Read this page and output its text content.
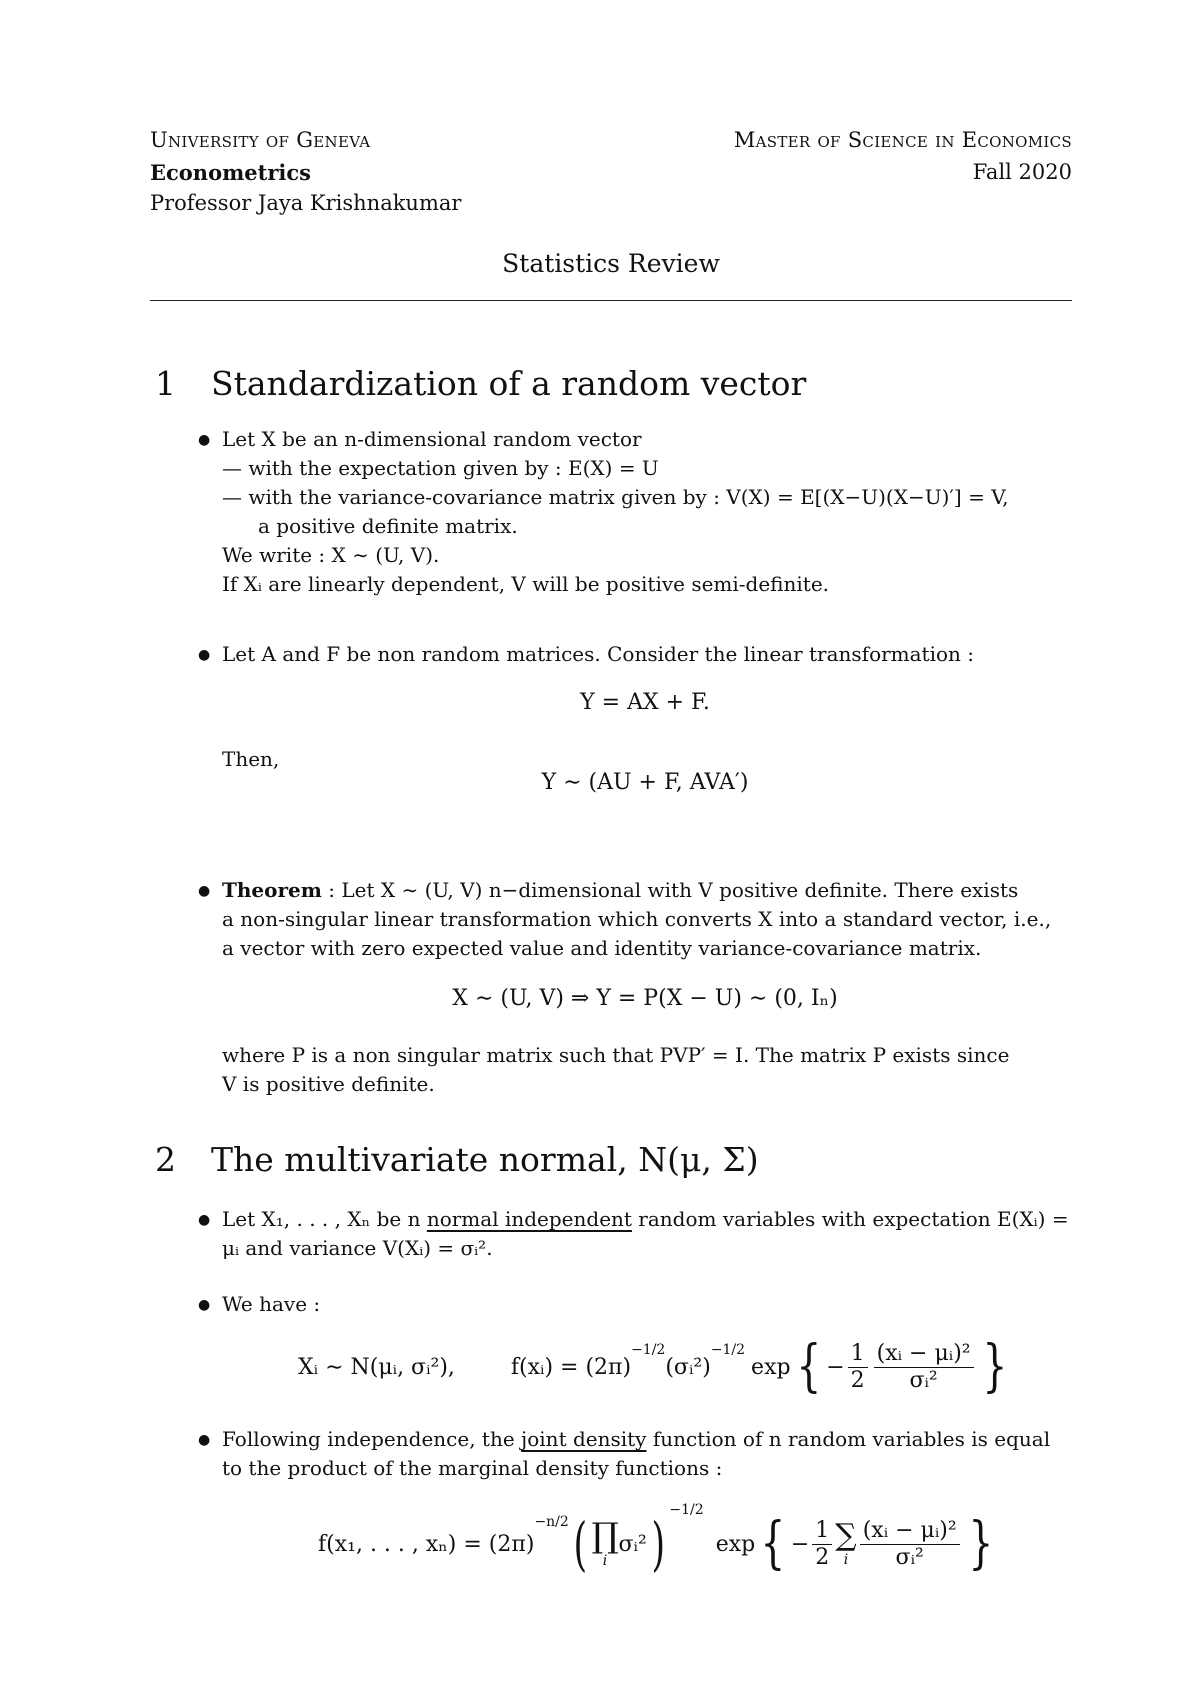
University of Geneva	Master of Science in Economics
Econometrics	Fall 2020
Professor Jaya Krishnakumar
Statistics Review
1 Standardization of a random vector
● Let X be an n-dimensional random vector
— with the expectation given by : E(X) = U
— with the variance-covariance matrix given by : V(X) = E[(X−U)(X−U)′] = V,
a positive definite matrix.
We write : X ∼ (U, V).
If Xᵢ are linearly dependent, V will be positive semi-definite.
● Let A and F be non random matrices. Consider the linear transformation :
Y = AX + F.
Then,
Y ∼ (AU + F, AVA′)
● Theorem : Let X ∼ (U, V) n−dimensional with V positive definite. There exists
a non-singular linear transformation which converts X into a standard vector, i.e.,
a vector with zero expected value and identity variance-covariance matrix.
X ∼ (U, V) ⇒ Y = P(X − U) ∼ (0, Iₙ)
where P is a non singular matrix such that PVP′ = I. The matrix P exists since
V is positive definite.
2 The multivariate normal, N(μ, Σ)
● Let X₁, . . . , Xₙ be n normal independent random variables with expectation E(Xᵢ) =
μᵢ and variance V(Xᵢ) = σᵢ².
● We have :
Xᵢ ∼ N(μᵢ, σᵢ²),	f(xᵢ) = (2π)
$^{-1/2}$
(σᵢ²)
$^{-1/2}$
exp { − $\frac{1}{2} \frac{\text{(xᵢ − μᵢ)²}}{\text{σᵢ²}}$ }
● Following independence, the joint density function of n random variables is equal
to the product of the marginal density functions :
f(x₁, . . . , xₙ) = (2π)
−n/2 ( ∏
i
σᵢ² ) $^{-1/2}$
exp { − $\frac{1}{2}$ ∑
i $\frac{\text{(xᵢ − μᵢ)²}}{\text{σᵢ²}}$ }
